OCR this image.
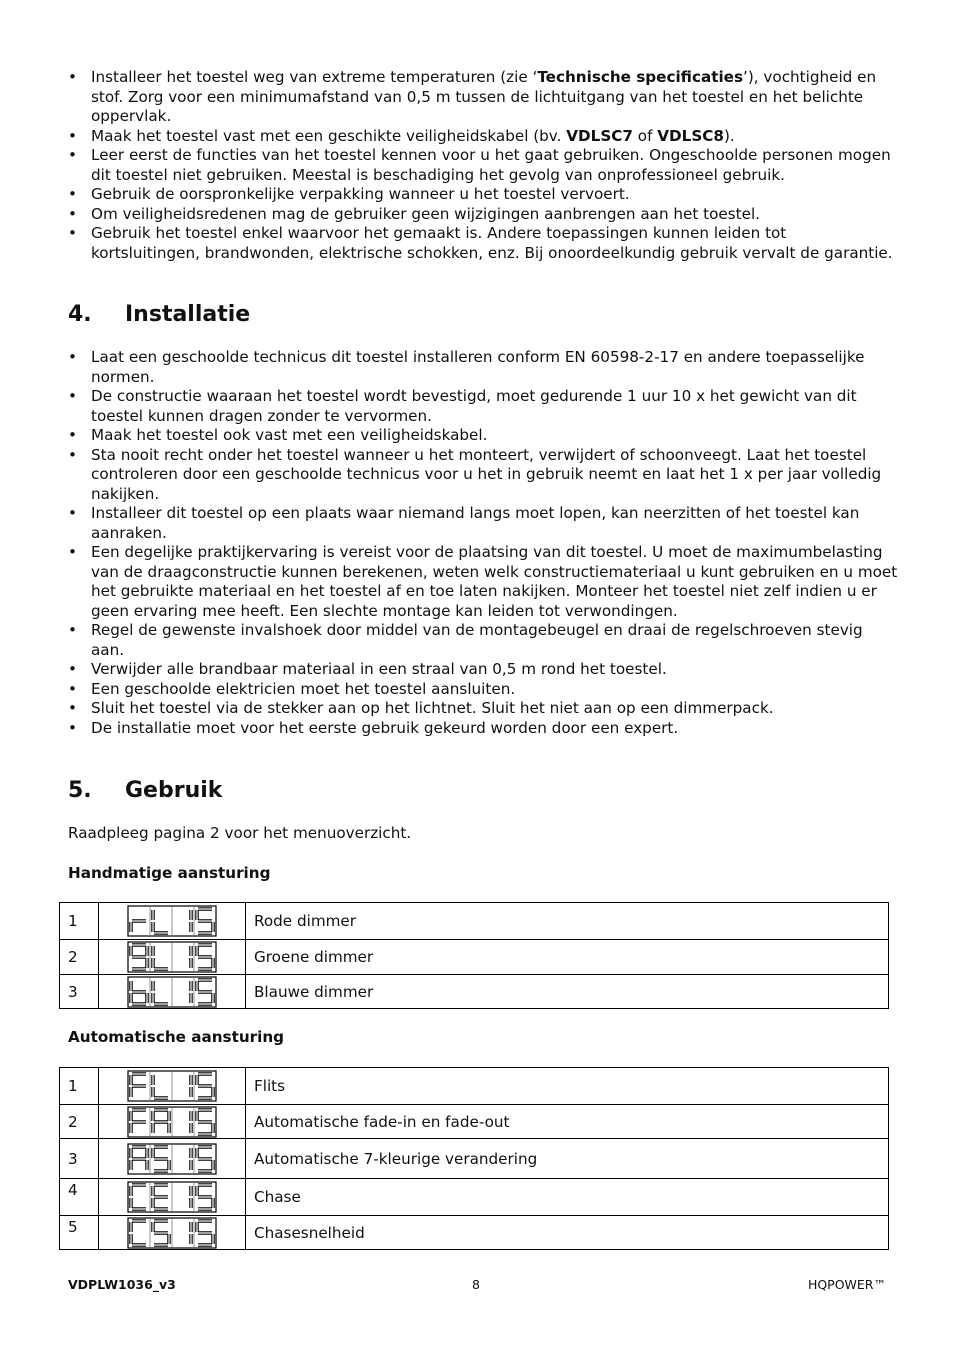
• Installeer het toestel weg van extreme temperaturen (zie ‘Technische specificaties’), vochtigheid en stof. Zorg voor een minimumafstand van 0,5 m tussen de lichtuitgang van het toestel en het belichte oppervlak.
• Maak het toestel vast met een geschikte veiligheidskabel (bv. VDLSC7 of VDLSC8).
• Leer eerst de functies van het toestel kennen voor u het gaat gebruiken. Ongeschoolde personen mogen dit toestel niet gebruiken. Meestal is beschadiging het gevolg van onprofessioneel gebruik.
• Gebruik de oorspronkelijke verpakking wanneer u het toestel vervoert.
• Om veiligheidsredenen mag de gebruiker geen wijzigingen aanbrengen aan het toestel.
• Gebruik het toestel enkel waarvoor het gemaakt is. Andere toepassingen kunnen leiden tot kortsluitingen, brandwonden, elektrische schokken, enz. Bij onoordeelkundig gebruik vervalt de garantie.
4. Installatie
• Laat een geschoolde technicus dit toestel installeren conform EN 60598-2-17 en andere toepasselijke normen.
• De constructie waaraan het toestel wordt bevestigd, moet gedurende 1 uur 10 x het gewicht van dit toestel kunnen dragen zonder te vervormen.
• Maak het toestel ook vast met een veiligheidskabel.
• Sta nooit recht onder het toestel wanneer u het monteert, verwijdert of schoonveegt. Laat het toestel controleren door een geschoolde technicus voor u het in gebruik neemt en laat het 1 x per jaar volledig nakijken.
• Installeer dit toestel op een plaats waar niemand langs moet lopen, kan neerzitten of het toestel kan aanraken.
• Een degelijke praktijkervaring is vereist voor de plaatsing van dit toestel. U moet de maximumbelasting van de draagconstructie kunnen berekenen, weten welk constructiemateriaal u kunt gebruiken en u moet het gebruikte materiaal en het toestel af en toe laten nakijken. Monteer het toestel niet zelf indien u er geen ervaring mee heeft. Een slechte montage kan leiden tot verwondingen.
• Regel de gewenste invalshoek door middel van de montagebeugel en draai de regelschroeven stevig aan.
• Verwijder alle brandbaar materiaal in een straal van 0,5 m rond het toestel.
• Een geschoolde elektricien moet het toestel aansluiten.
• Sluit het toestel via de stekker aan op het lichtnet. Sluit het niet aan op een dimmerpack.
• De installatie moet voor het eerste gebruik gekeurd worden door een expert.
5. Gebruik

Raadpleeg pagina 2 voor het menuoverzicht.

Handmatige aansturing

1		Rode dimmer
2		Groene dimmer
3		Blauwe dimmer

Automatische aansturing

1		Flits
2		Automatische fade-in en fade-out
3		Automatische 7-kleurige verandering
4		Chase
5		Chasesnelheid
VDPLW1036_v3	8	HQPOWER™
